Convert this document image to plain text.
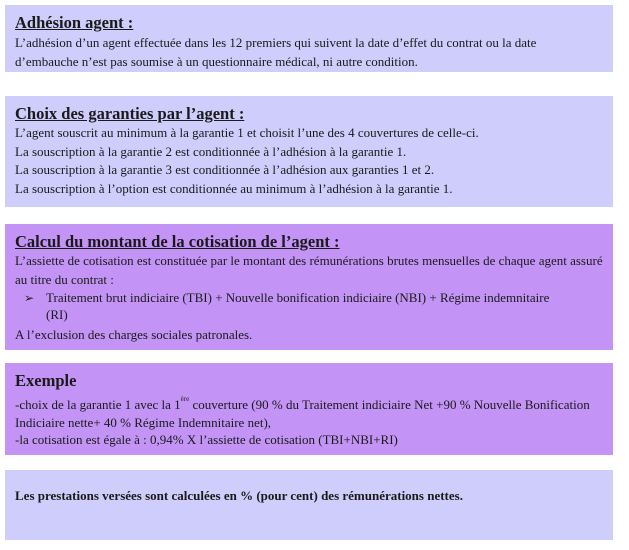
Adhésion agent :

L’adhésion d’un agent effectuée dans les 12 premiers qui suivent la date d’effet du contrat ou la date d’embauche n’est pas soumise à un questionnaire médical, ni autre condition.

Choix des garanties par l’agent :

L’agent souscrit au minimum à la garantie 1 et choisit l’une des 4 couvertures de celle-ci.

La souscription à la garantie 2 est conditionnée à l’adhésion à la garantie 1.

La souscription à la garantie 3 est conditionnée à l’adhésion aux garanties 1 et 2.

La souscription à l’option est conditionnée au minimum à l’adhésion à la garantie 1.

Calcul du montant de la cotisation de l’agent :

L’assiette de cotisation est constituée par le montant des rémunérations brutes mensuelles de chaque agent assuré au titre du contrat :

➢ Traitement brut indiciaire (TBI) + Nouvelle bonification indiciaire (NBI) + Régime indemnitaire (RI)

A l’exclusion des charges sociales patronales.

Exemple

-choix de la garantie 1 avec la 1ère couverture (90 % du Traitement indiciaire Net +90 % Nouvelle Bonification Indiciaire nette+ 40 % Régime Indemnitaire net),

-la cotisation est égale à : 0,94% X l’assiette de cotisation (TBI+NBI+RI)

Les prestations versées sont calculées en % (pour cent) des rémunérations nettes.
